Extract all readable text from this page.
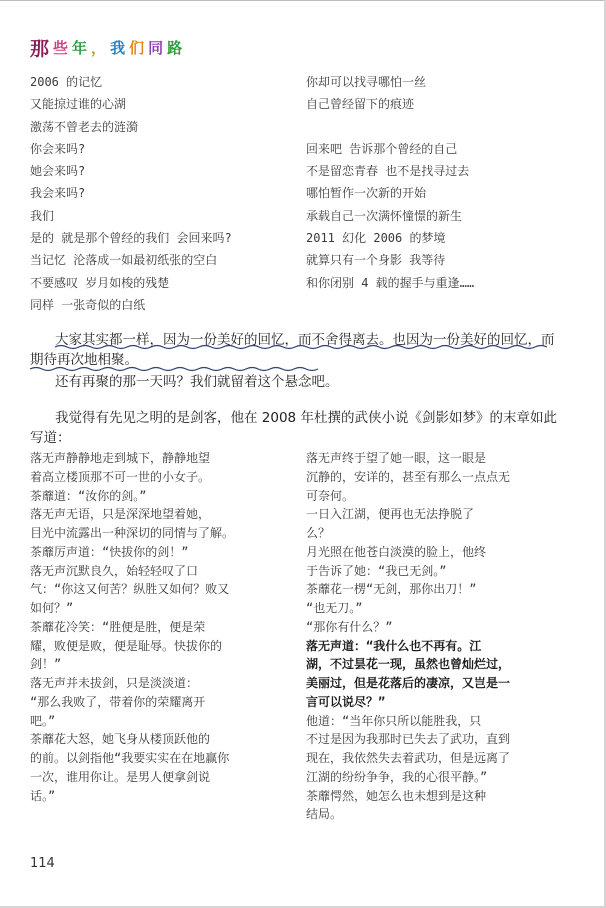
那 些 年 ， 我 们 同 路
2006 的记忆
又能掠过谁的心湖
激荡不曾老去的涟漪
你会来吗?
她会来吗?
我会来吗?
我们
是的 就是那个曾经的我们 会回来吗?
当记忆 沦落成一如最初纸张的空白
不要感叹 岁月如梭的残楚
同样 一张奇似的白纸
你却可以找寻哪怕一丝
自己曾经留下的痕迹
回来吧 告诉那个曾经的自己
不是留恋青春 也不是找寻过去
哪怕暂作一次新的开始
承载自己一次满怀憧憬的新生
2011 幻化 2006 的梦境
就算只有一个身影 我等待
和你闭别 4 载的握手与重逢……

大家其实都一样，因为一份美好的回忆，而不舍得离去。也因为一份美好的回忆，而

期待再次地相聚。

还有再聚的那一天吗？我们就留着这个悬念吧。

我觉得有先见之明的是剑客，他在 2008 年杜撰的武侠小说《剑影如梦》的末章如此

写道：

落无声静静地走到城下，静静地望
着高立楼顶那不可一世的小女子。
茶蘼道：“汝你的剑。”
落无声无语，只是深深地望着她，
目光中流露出一种深切的同情与了解。
茶蘼厉声道：“快拔你的剑！”
落无声沉默良久，始轻轻叹了口
气：“你这又何苦？纵胜又如何？败又
如何？”
茶蘼花冷笑：“胜便是胜，便是荣
耀，败便是败，便是耻辱。快拔你的
剑！”
落无声并未拔剑，只是淡淡道：
“那么我败了，带着你的荣耀离开
吧。”
茶蘼花大怒，她飞身从楼顶跃他的
的前。以剑指他“我要实实在在地赢你
一次，谁用你让。是男人便拿剑说
话。”
落无声终于望了她一眼，这一眼是
沉静的，安详的，甚至有那么一点点无
可奈何。
一日入江湖，便再也无法挣脱了
么？
月光照在他苍白淡漠的脸上，他终
于告诉了她：“我已无剑。”
茶蘼花一楞“无剑，那你出刀！”
“也无刀。”
“那你有什么？”
落无声道：“我什么也不再有。江
湖，不过昙花一现，虽然也曾灿烂过，
美丽过，但是花落后的凄凉，又岂是一
言可以说尽？”
他道：“当年你只所以能胜我，只
不过是因为我那时已失去了武功，直到
现在，我依然失去着武功，但是远离了
江湖的纷纷争争，我的心很平静。”
茶蘼愕然，她怎么也未想到是这种
结局。
114
